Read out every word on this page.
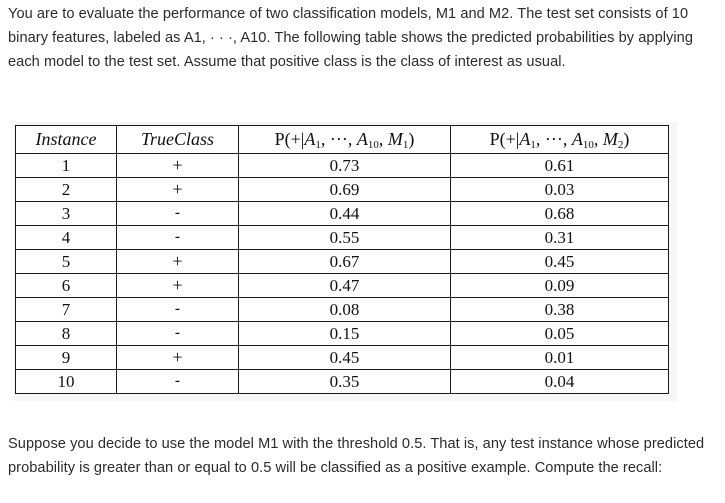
You are to evaluate the performance of two classification models, M1 and M2. The test set consists of 10 binary features, labeled as A1, · · ·, A10. The following table shows the predicted probabilities by applying each model to the test set. Assume that positive class is the class of interest as usual.

Instance	TrueClass	$P(+|A_1$, ···, $A_{10}$, $M_1$)	$P(+|A_1$, ···, $A_{10}$, $M_2$)
1	+	0.73	0.61
2	+	0.69	0.03
3	-	0.44	0.68
4	-	0.55	0.31
5	+	0.67	0.45
6	+	0.47	0.09
7	-	0.08	0.38
8	-	0.15	0.05
9	+	0.45	0.01
10	-	0.35	0.04

Suppose you decide to use the model M1 with the threshold 0.5. That is, any test instance whose predicted probability is greater than or equal to 0.5 will be classified as a positive example. Compute the recall:
